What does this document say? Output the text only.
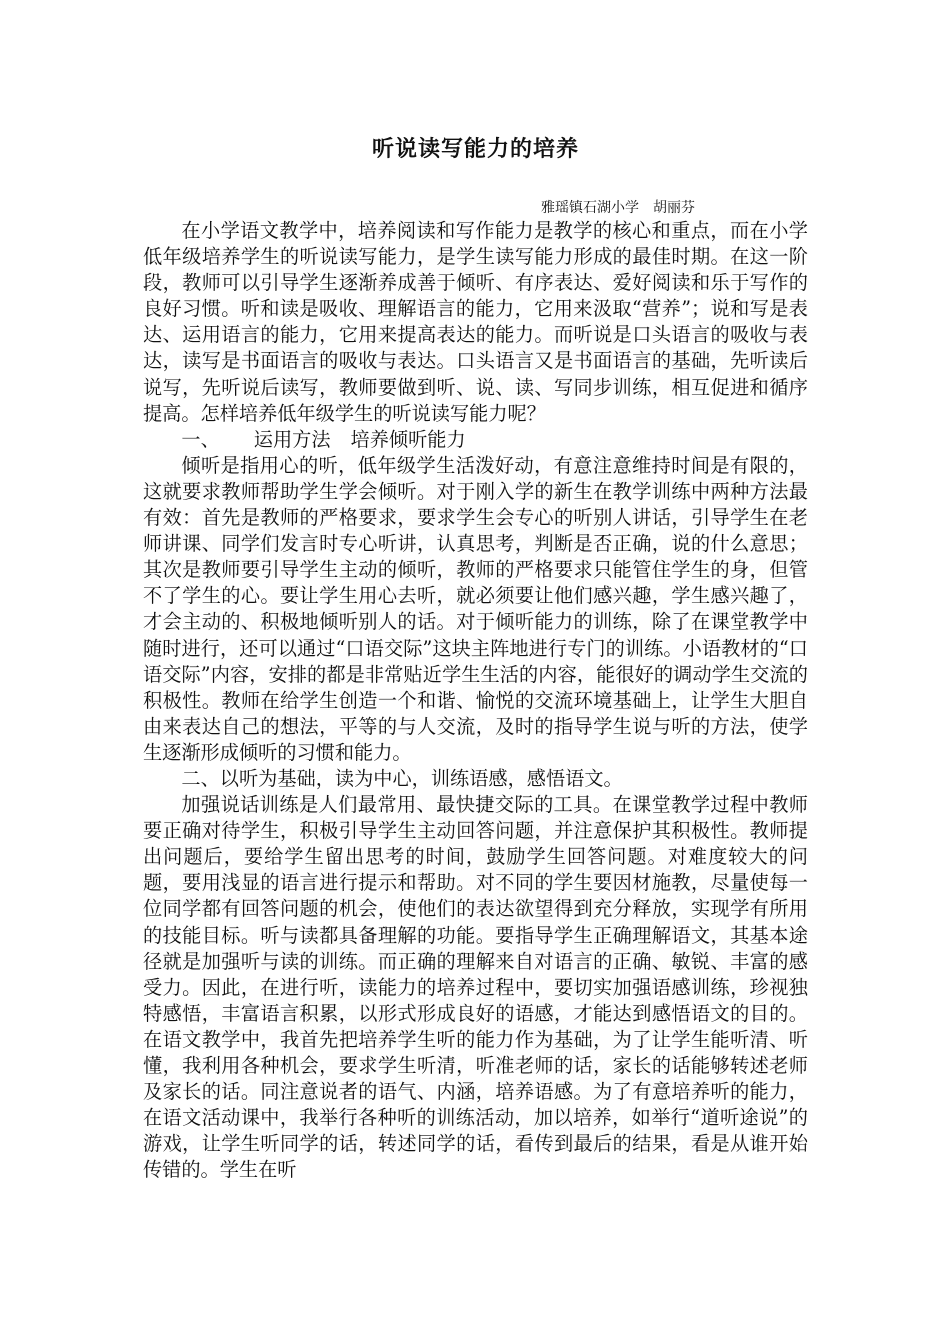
听说读写能力的培养

雅瑶镇石湖小学　胡丽芬

在小学语文教学中，培养阅读和写作能力是教学的核心和重点，而在小学低年级培养学生的听说读写能力，是学生读写能力形成的最佳时期。在这一阶段，教师可以引导学生逐渐养成善于倾听、有序表达、爱好阅读和乐于写作的良好习惯。听和读是吸收、理解语言的能力，它用来汲取“营养”；说和写是表达、运用语言的能力，它用来提高表达的能力。而听说是口头语言的吸收与表达，读写是书面语言的吸收与表达。口头语言又是书面语言的基础，先听读后说写，先听说后读写，教师要做到听、说、读、写同步训练，相互促进和循序提高。怎样培养低年级学生的听说读写能力呢？

一、 运用方法 培养倾听能力

倾听是指用心的听，低年级学生活泼好动，有意注意维持时间是有限的，这就要求教师帮助学生学会倾听。对于刚入学的新生在教学训练中两种方法最有效：首先是教师的严格要求，要求学生会专心的听别人讲话，引导学生在老师讲课、同学们发言时专心听讲，认真思考，判断是否正确，说的什么意思；其次是教师要引导学生主动的倾听，教师的严格要求只能管住学生的身，但管不了学生的心。要让学生用心去听，就必须要让他们感兴趣，学生感兴趣了，才会主动的、积极地倾听别人的话。对于倾听能力的训练，除了在课堂教学中随时进行，还可以通过“口语交际”这块主阵地进行专门的训练。小语教材的“口语交际”内容，安排的都是非常贴近学生生活的内容，能很好的调动学生交流的积极性。教师在给学生创造一个和谐、愉悦的交流环境基础上，让学生大胆自由来表达自己的想法，平等的与人交流，及时的指导学生说与听的方法，使学生逐渐形成倾听的习惯和能力。

二、以听为基础，读为中心，训练语感，感悟语文。

加强说话训练是人们最常用、最快捷交际的工具。在课堂教学过程中教师要正确对待学生，积极引导学生主动回答问题，并注意保护其积极性。教师提出问题后，要给学生留出思考的时间，鼓励学生回答问题。对难度较大的问题，要用浅显的语言进行提示和帮助。对不同的学生要因材施教，尽量使每一位同学都有回答问题的机会，使他们的表达欲望得到充分释放，实现学有所用的技能目标。听与读都具备理解的功能。要指导学生正确理解语文，其基本途径就是加强听与读的训练。而正确的理解来自对语言的正确、敏锐、丰富的感受力。因此，在进行听，读能力的培养过程中，要切实加强语感训练，珍视独特感悟，丰富语言积累，以形式形成良好的语感，才能达到感悟语文的目的。在语文教学中，我首先把培养学生听的能力作为基础，为了让学生能听清、听懂，我利用各种机会，要求学生听清，听准老师的话，家长的话能够转述老师及家长的话。同注意说者的语气、内涵，培养语感。为了有意培养听的能力，在语文活动课中，我举行各种听的训练活动，加以培养，如举行“道听途说”的游戏，让学生听同学的话，转述同学的话，看传到最后的结果，看是从谁开始传错的。学生在听
